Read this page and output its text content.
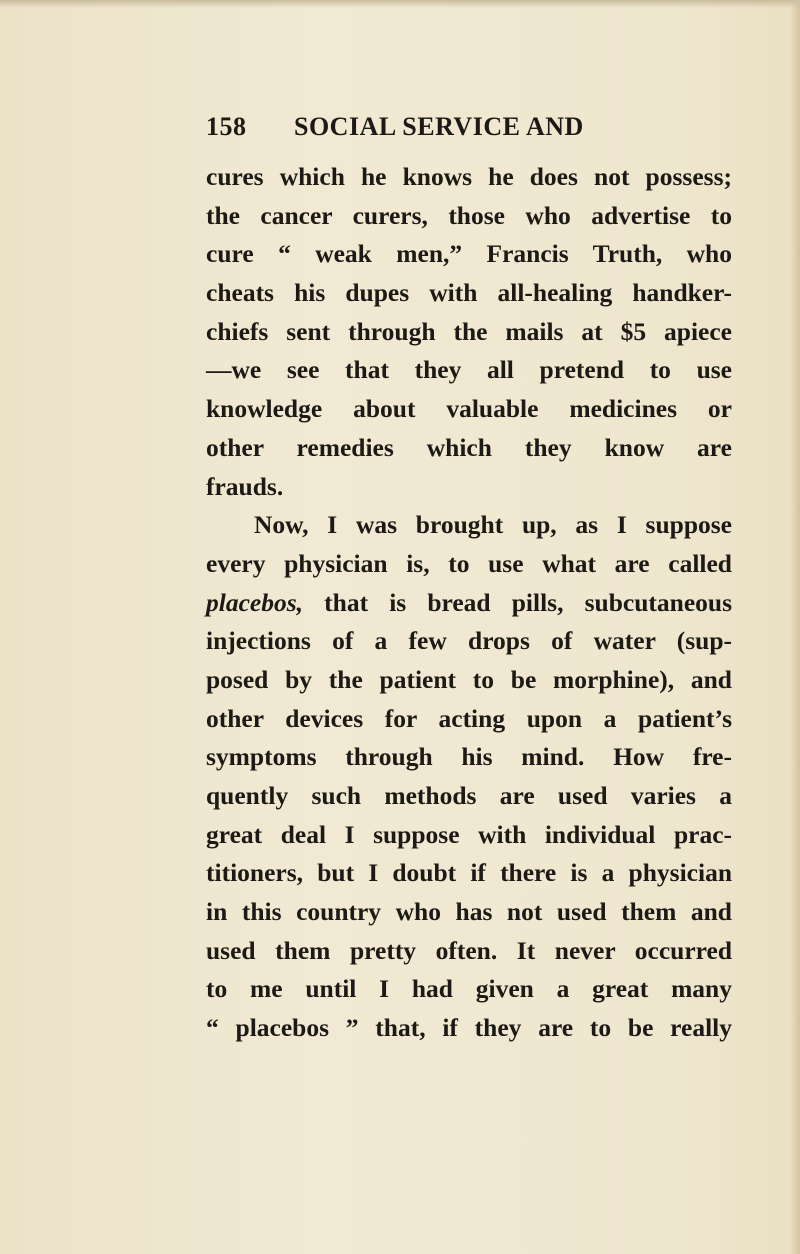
158 SOCIAL SERVICE AND
cures which he knows he does not possess;
the cancer curers, those who advertise to
cure “ weak men,” Francis Truth, who
cheats his dupes with all-healing handker-
chiefs sent through the mails at $5 apiece
—we see that they all pretend to use
knowledge about valuable medicines or
other remedies which they know are
frauds.
Now, I was brought up, as I suppose
every physician is, to use what are called
placebos, that is bread pills, subcutaneous
injections of a few drops of water (sup-
posed by the patient to be morphine), and
other devices for acting upon a patient’s
symptoms through his mind. How fre-
quently such methods are used varies a
great deal I suppose with individual prac-
titioners, but I doubt if there is a physician
in this country who has not used them and
used them pretty often. It never occurred
to me until I had given a great many
“ placebos ” that, if they are to be really
